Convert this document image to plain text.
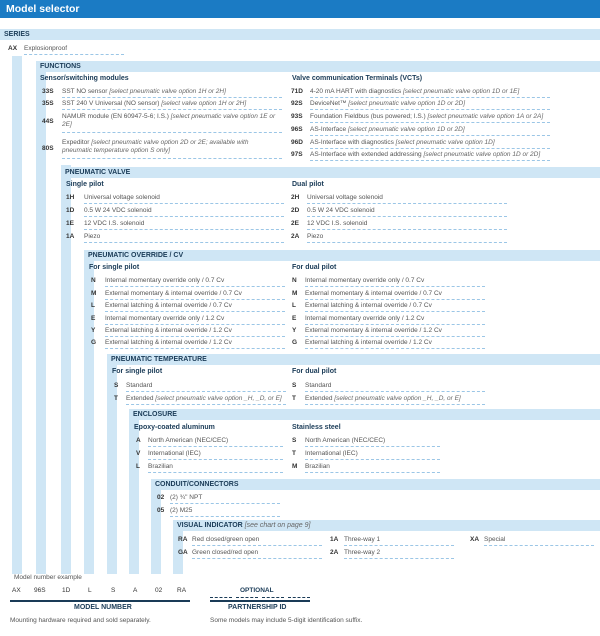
Model selector
SERIES
AX Explosionproof
FUNCTIONS
Sensor/switching modules	Valve communication Terminals (VCTs)
33S SST NO sensor [select pneumatic valve option 1H or 2H]
35S SST 240 V Universal (NO sensor) [select valve option 1H or 2H]
44S
NAMUR module (EN 60947-5-6; I.S.) [select pneumatic valve option 1E or 2E]
80S
Expeditor [select pneumatic valve option 2D or 2E; available with pneumatic temperature option S only]
71D 4-20 mA HART with diagnostics [select pneumatic valve option 1D or 1E]
92S DeviceNet™ [select pneumatic valve option 1D or 2D]
93S Foundation Fieldbus (bus powered; I.S.) [select pneumatic valve option 1A or 2A]
96S AS-Interface [select pneumatic valve option 1D or 2D]
96D AS-Interface with diagnostics [select pneumatic valve option 1D]
97S AS-Interface with extended addressing [select pneumatic valve option 1D or 2D]
PNEUMATIC VALVE
Single pilot	Dual pilot
1H Universal voltage solenoid
1D 0.5 W 24 VDC solenoid
1E 12 VDC I.S. solenoid
1A Piezo
2H Universal voltage solenoid
2D 0.5 W 24 VDC solenoid
2E 12 VDC I.S. solenoid
2A Piezo
PNEUMATIC OVERRIDE / CV
For single pilot	For dual pilot
N Internal momentary override only / 0.7 Cv
M External momentary & internal override / 0.7 Cv
L External latching & internal override / 0.7 Cv
E Internal momentary override only / 1.2 Cv
Y External latching & internal override / 1.2 Cv
G External latching & internal override / 1.2 Cv
N Internal momentary override only / 0.7 Cv
M External momentary & internal override / 0.7 Cv
L External latching & internal override / 0.7 Cv
E Internal momentary override only / 1.2 Cv
Y External momentary & internal override / 1.2 Cv
G External latching & internal override / 1.2 Cv
PNEUMATIC TEMPERATURE
For single pilot	For dual pilot
S Standard
T Extended [select pneumatic valve option _H, _D, or E]
S Standard
T Extended [select pneumatic valve option _H, _D, or E]
ENCLOSURE
Epoxy-coated aluminum	Stainless steel
A North American (NEC/CEC)
V International (IEC)
L Brazilian
S North American (NEC/CEC)
T International (IEC)
M Brazilian
CONDUIT/CONNECTORS
02 (2) ¾" NPT
05 (2) M25
VISUAL INDICATOR [see chart on page 9]
RA Red closed/green open
GA Green closed/red open
1A Three-way 1
2A Three-way 2
XA Special
Model number example
AX 96S	1D	L	S	A	02 RA	OPTIONAL
MODEL NUMBER	PARTNERSHIP ID
Mounting hardware required and sold separately.	Some models may include 5-digit identification suffix.
